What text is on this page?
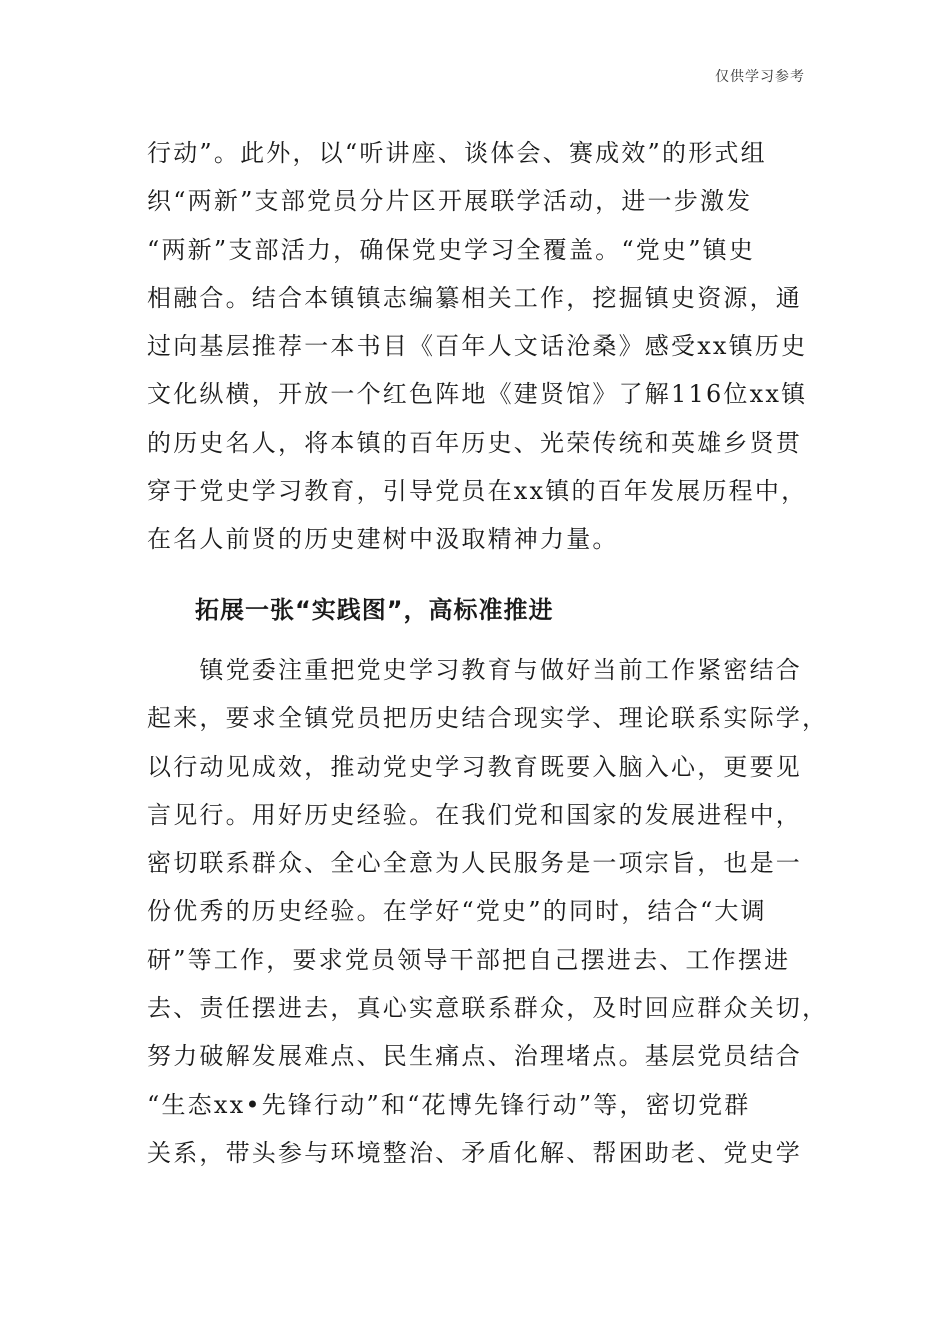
仅供学习参考
行动”。此外，以“听讲座、谈体会、赛成效”的形式组
织“两新”支部党员分片区开展联学活动，进一步激发
“两新”支部活力，确保党史学习全覆盖。“党史”镇史
相融合。结合本镇镇志编纂相关工作，挖掘镇史资源，通
过向基层推荐一本书目《百年人文话沧桑》感受xx镇历史
文化纵横，开放一个红色阵地《建贤馆》了解116位xx镇
的历史名人，将本镇的百年历史、光荣传统和英雄乡贤贯
穿于党史学习教育，引导党员在xx镇的百年发展历程中，
在名人前贤的历史建树中汲取精神力量。
拓展一张“实践图”，高标准推进
　　镇党委注重把党史学习教育与做好当前工作紧密结合
起来，要求全镇党员把历史结合现实学、理论联系实际学，
以行动见成效，推动党史学习教育既要入脑入心，更要见
言见行。用好历史经验。在我们党和国家的发展进程中，
密切联系群众、全心全意为人民服务是一项宗旨，也是一
份优秀的历史经验。在学好“党史”的同时，结合“大调
研”等工作，要求党员领导干部把自己摆进去、工作摆进
去、责任摆进去，真心实意联系群众，及时回应群众关切，
努力破解发展难点、民生痛点、治理堵点。基层党员结合
“生态xx•先锋行动”和“花博先锋行动”等，密切党群
关系，带头参与环境整治、矛盾化解、帮困助老、党史学
